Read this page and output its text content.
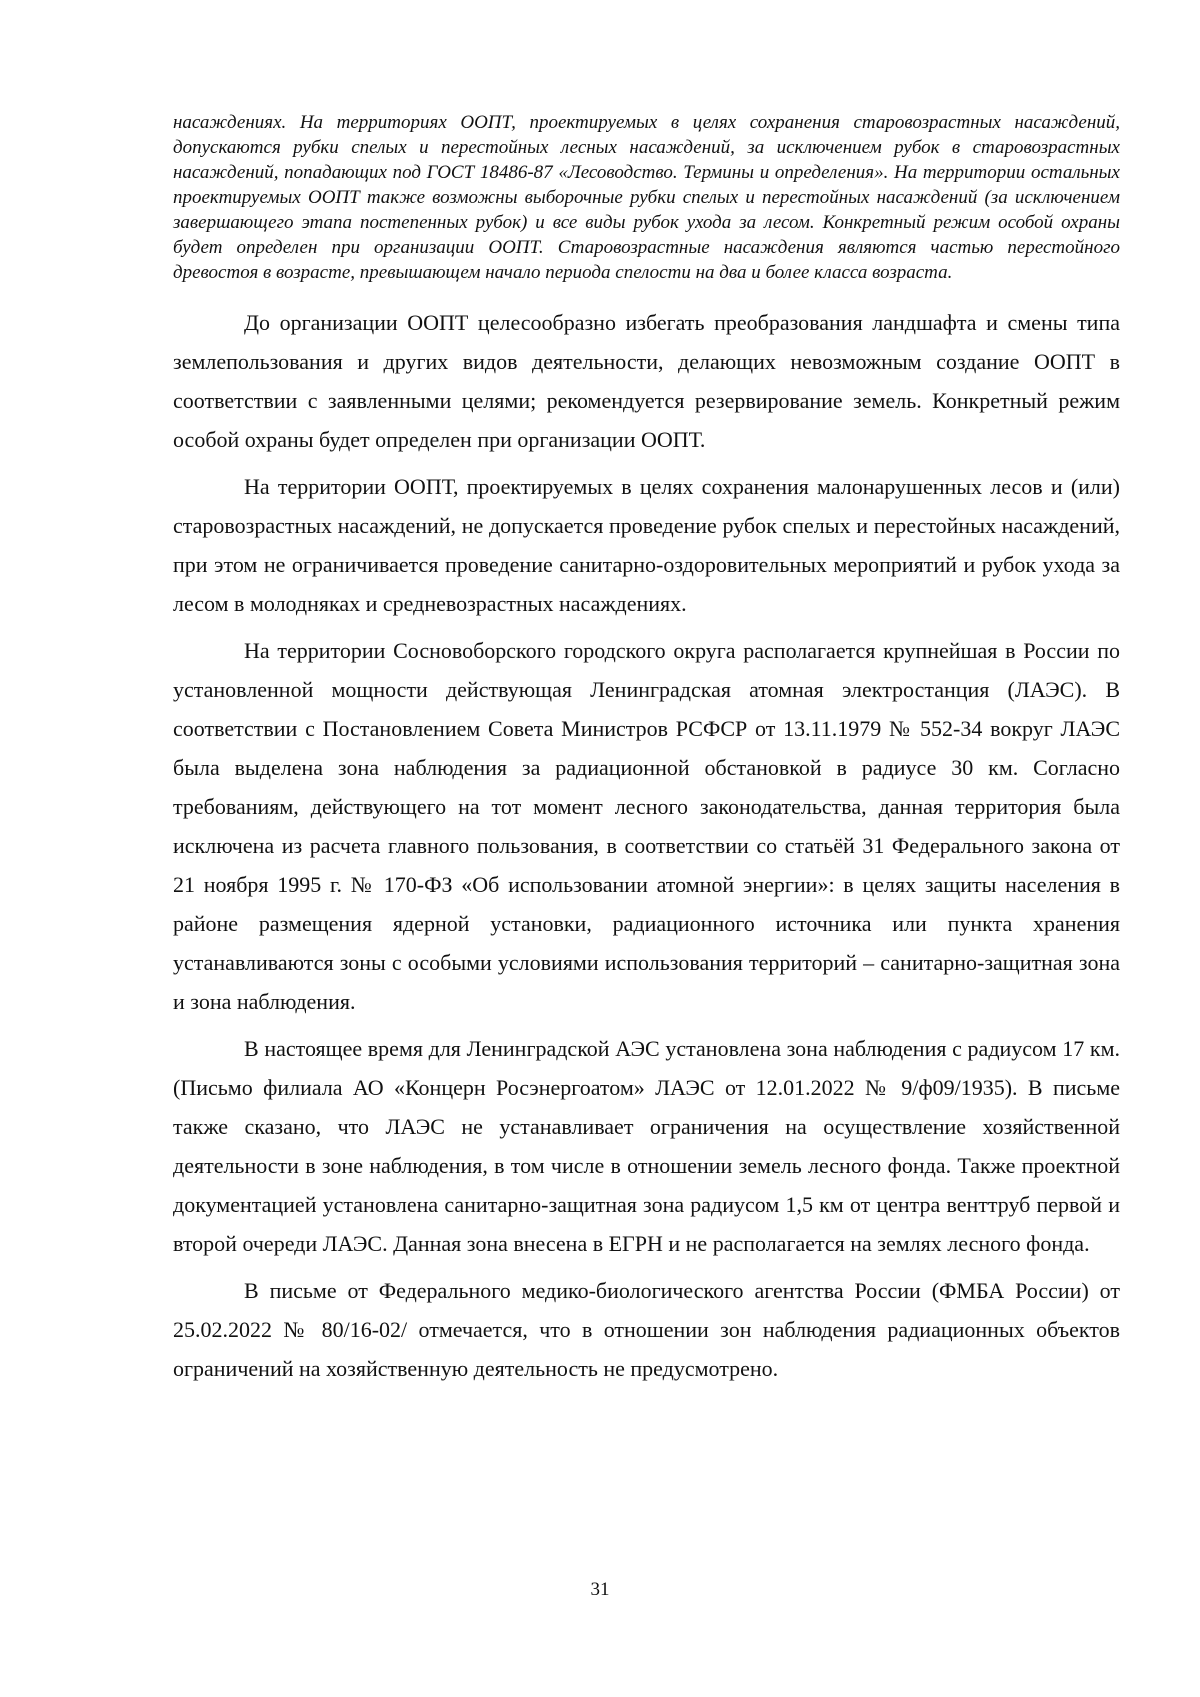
насаждениях. На территориях ООПТ, проектируемых в целях сохранения старовозрастных насаждений, допускаются рубки спелых и перестойных лесных насаждений, за исключением рубок в старовозрастных насаждений, попадающих под ГОСТ 18486-87 «Лесоводство. Термины и определения». На территории остальных проектируемых ООПТ также возможны выборочные рубки спелых и перестойных насаждений (за исключением завершающего этапа постепенных рубок) и все виды рубок ухода за лесом. Конкретный режим особой охраны будет определен при организации ООПТ. Старовозрастные насаждения являются частью перестойного древостоя в возрасте, превышающем начало периода спелости на два и более класса возраста.

До организации ООПТ целесообразно избегать преобразования ландшафта и смены типа землепользования и других видов деятельности, делающих невозможным создание ООПТ в соответствии с заявленными целями; рекомендуется резервирование земель. Конкретный режим особой охраны будет определен при организации ООПТ.

На территории ООПТ, проектируемых в целях сохранения малонарушенных лесов и (или) старовозрастных насаждений, не допускается проведение рубок спелых и перестойных насаждений, при этом не ограничивается проведение санитарно-оздоровительных мероприятий и рубок ухода за лесом в молодняках и средневозрастных насаждениях.

На территории Сосновоборского городского округа располагается крупнейшая в России по установленной мощности действующая Ленинградская атомная электростанция (ЛАЭС). В соответствии с Постановлением Совета Министров РСФСР от 13.11.1979 № 552-34 вокруг ЛАЭС была выделена зона наблюдения за радиационной обстановкой в радиусе 30 км. Согласно требованиям, действующего на тот момент лесного законодательства, данная территория была исключена из расчета главного пользования, в соответствии со статьёй 31 Федерального закона от 21 ноября 1995 г. № 170-ФЗ «Об использовании атомной энергии»: в целях защиты населения в районе размещения ядерной установки, радиационного источника или пункта хранения устанавливаются зоны с особыми условиями использования территорий – санитарно-защитная зона и зона наблюдения.

В настоящее время для Ленинградской АЭС установлена зона наблюдения с радиусом 17 км. (Письмо филиала АО «Концерн Росэнергоатом» ЛАЭС от 12.01.2022 № 9/ф09/1935). В письме также сказано, что ЛАЭС не устанавливает ограничения на осуществление хозяйственной деятельности в зоне наблюдения, в том числе в отношении земель лесного фонда. Также проектной документацией установлена санитарно-защитная зона радиусом 1,5 км от центра венттруб первой и второй очереди ЛАЭС. Данная зона внесена в ЕГРН и не располагается на землях лесного фонда.

В письме от Федерального медико-биологического агентства России (ФМБА России) от 25.02.2022 № 80/16-02/ отмечается, что в отношении зон наблюдения радиационных объектов ограничений на хозяйственную деятельность не предусмотрено.

31
